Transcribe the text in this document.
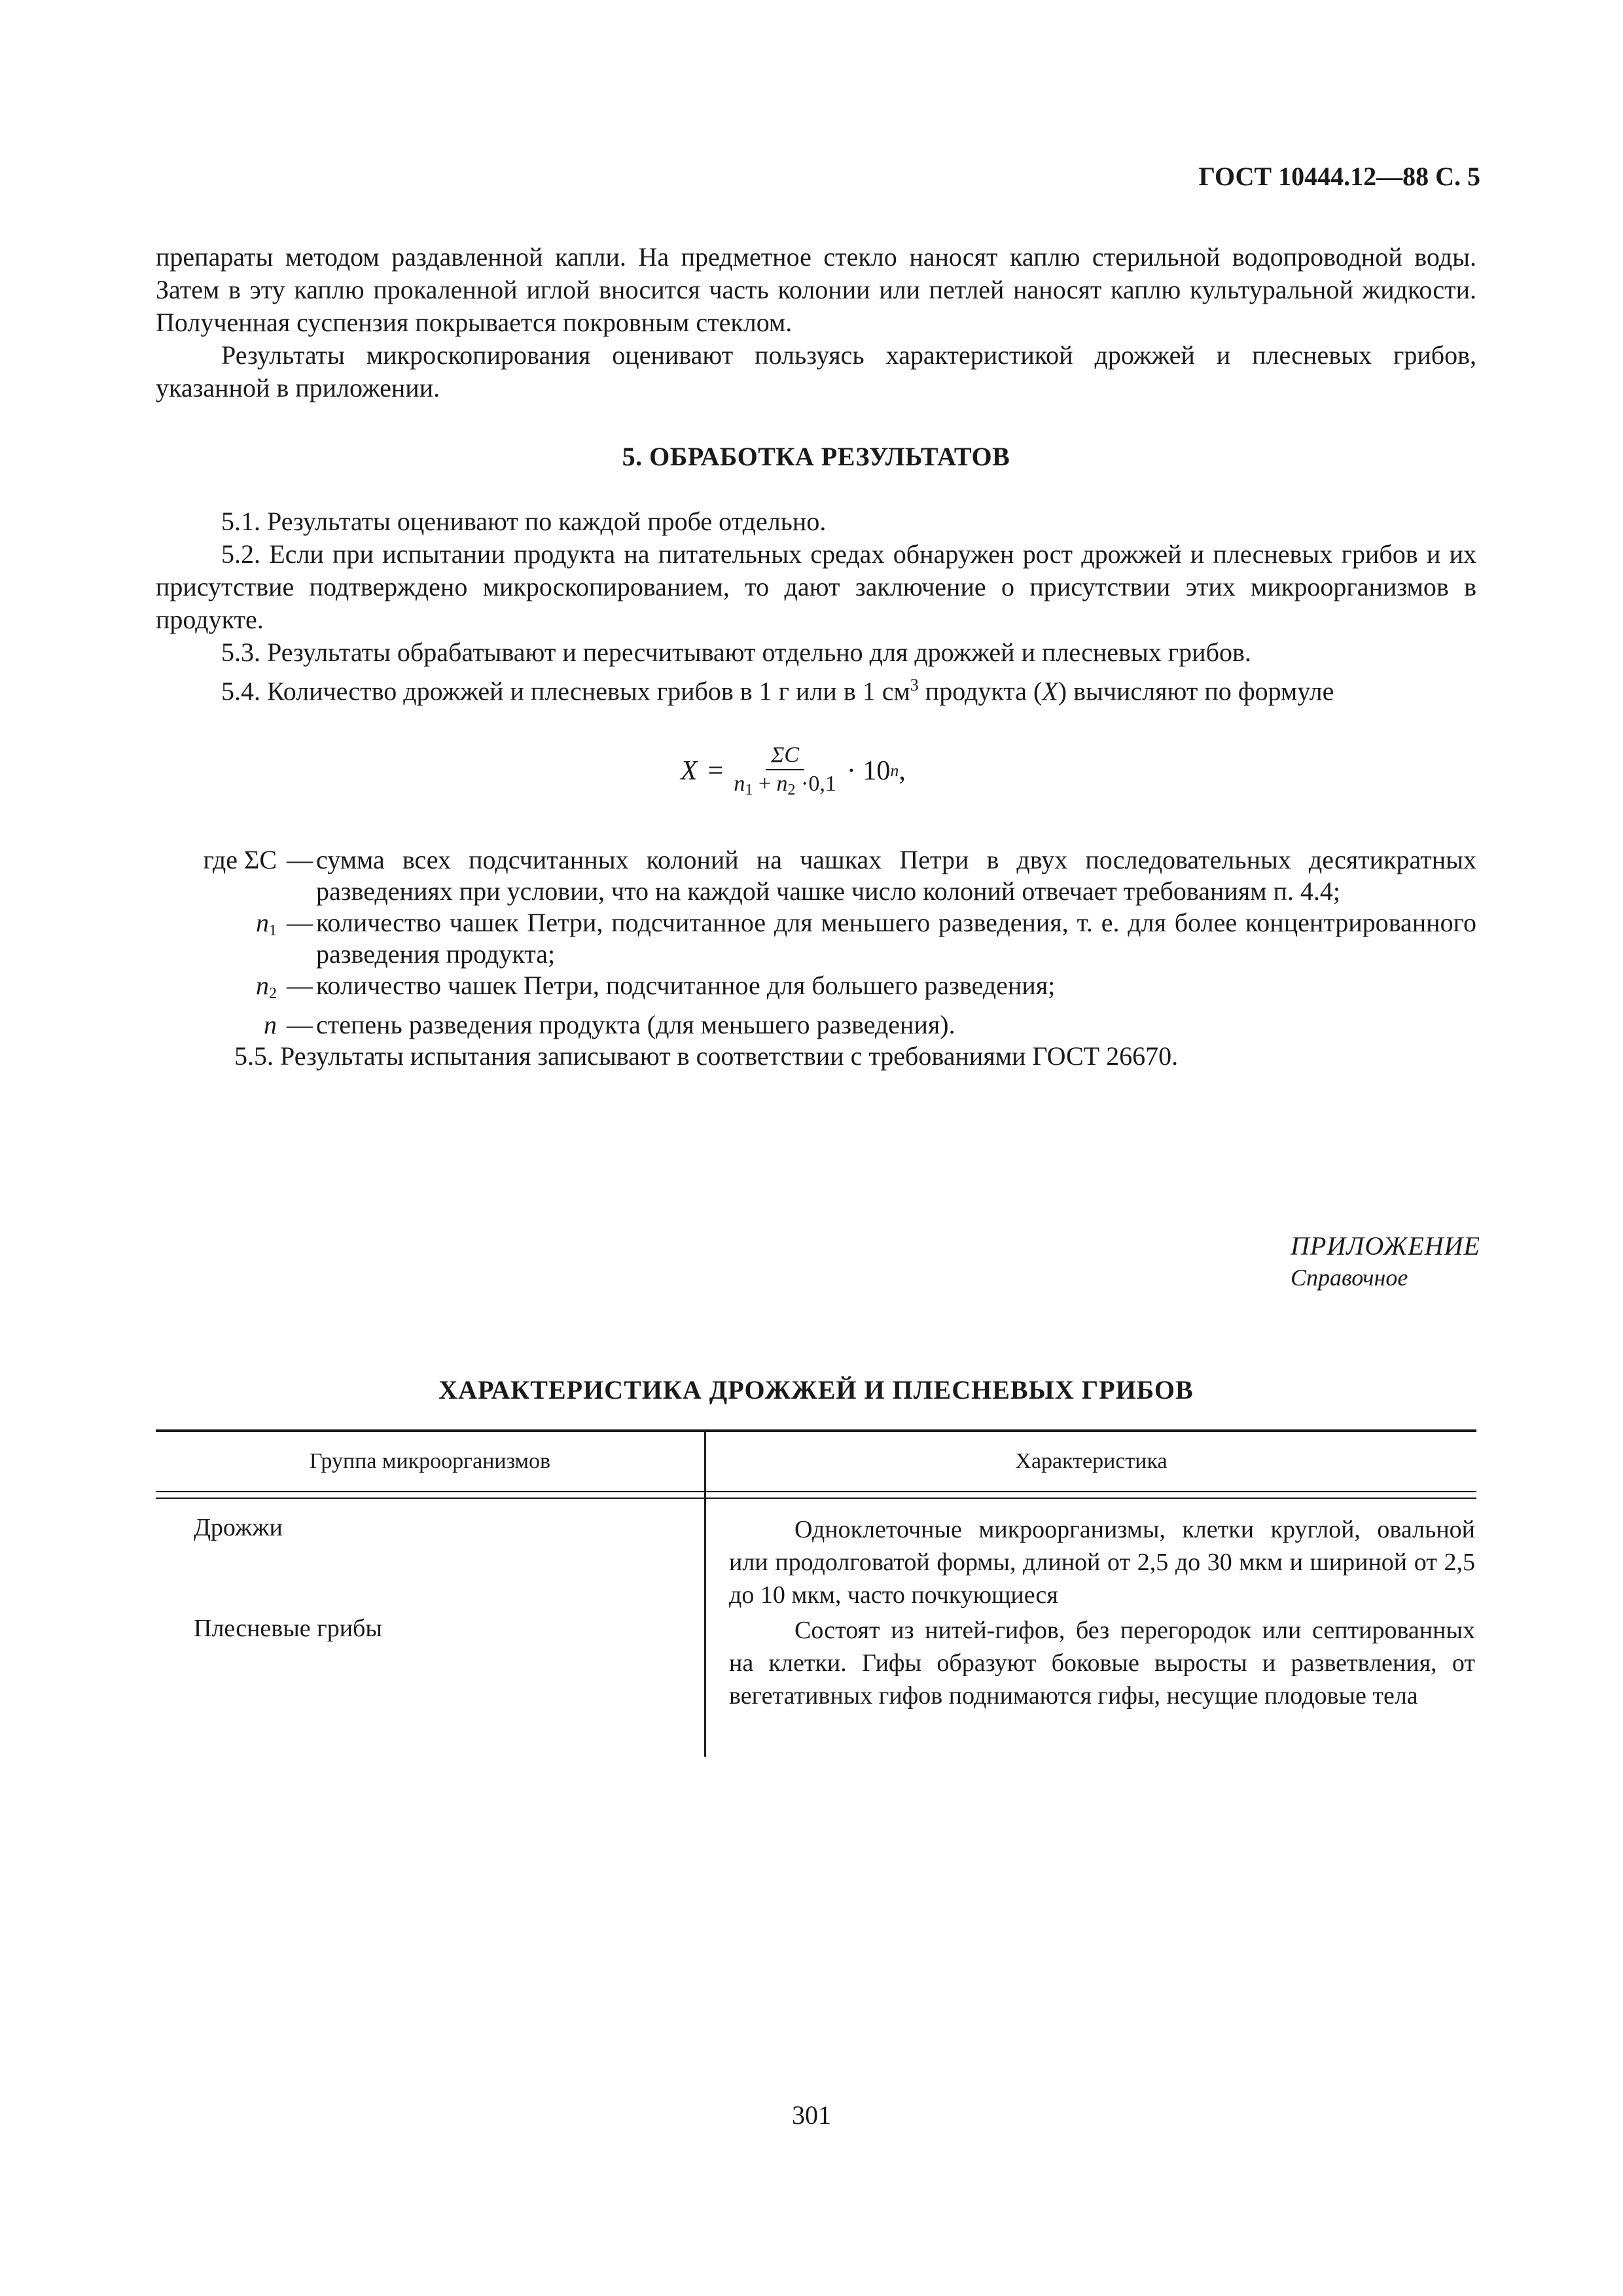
ГОСТ 10444.12—88 С. 5

препараты методом раздавленной капли. На предметное стекло наносят каплю стерильной водопроводной воды. Затем в эту каплю прокаленной иглой вносится часть колонии или петлей наносят каплю культуральной жидкости. Полученная суспензия покрывается покровным стеклом.

Результаты микроскопирования оценивают пользуясь характеристикой дрожжей и плесневых грибов, указанной в приложении.

5. ОБРАБОТКА РЕЗУЛЬТАТОВ

5.1. Результаты оценивают по каждой пробе отдельно.

5.2. Если при испытании продукта на питательных средах обнаружен рост дрожжей и плесневых грибов и их присутствие подтверждено микроскопированием, то дают заключение о присутствии этих микроорганизмов в продукте.

5.3. Результаты обрабатывают и пересчитывают отдельно для дрожжей и плесневых грибов.

5.4. Количество дрожжей и плесневых грибов в 1 г или в 1 $см^3$ продукта (X) вычисляют по формуле

$X = \frac{\Sigma C}{n_1 + n_2 \cdot 0,1} \cdot 10$ n ,
где ΣC — сумма всех подсчитанных колоний на чашках Петри в двух последовательных десятикратных разведениях при условии, что на каждой чашке число колоний отвечает требованиям п. 4.4;
$n_1$ — количество чашек Петри, подсчитанное для меньшего разведения, т. е. для более концентрированного разведения продукта;
$n_2$ — количество чашек Петри, подсчитанное для большего разведения;
n — степень разведения продукта (для меньшего разведения).

5.5. Результаты испытания записывают в соответствии с требованиями ГОСТ 26670.

ПРИЛОЖЕНИЕ
Справочное
ХАРАКТЕРИСТИКА ДРОЖЖЕЙ И ПЛЕСНЕВЫХ ГРИБОВ
Группа микроорганизмов	Характеристика
Дрожжи	Одноклеточные микроорганизмы, клетки круглой, овальной или продолговатой формы, длиной от 2,5 до 30 мкм и шириной от 2,5 до 10 мкм, часто почкующиеся
Плесневые грибы	Состоят из нитей-гифов, без перегородок или септированных на клетки. Гифы образуют боковые выросты и разветвления, от вегетативных гифов поднимаются гифы, несущие плодовые тела
301
